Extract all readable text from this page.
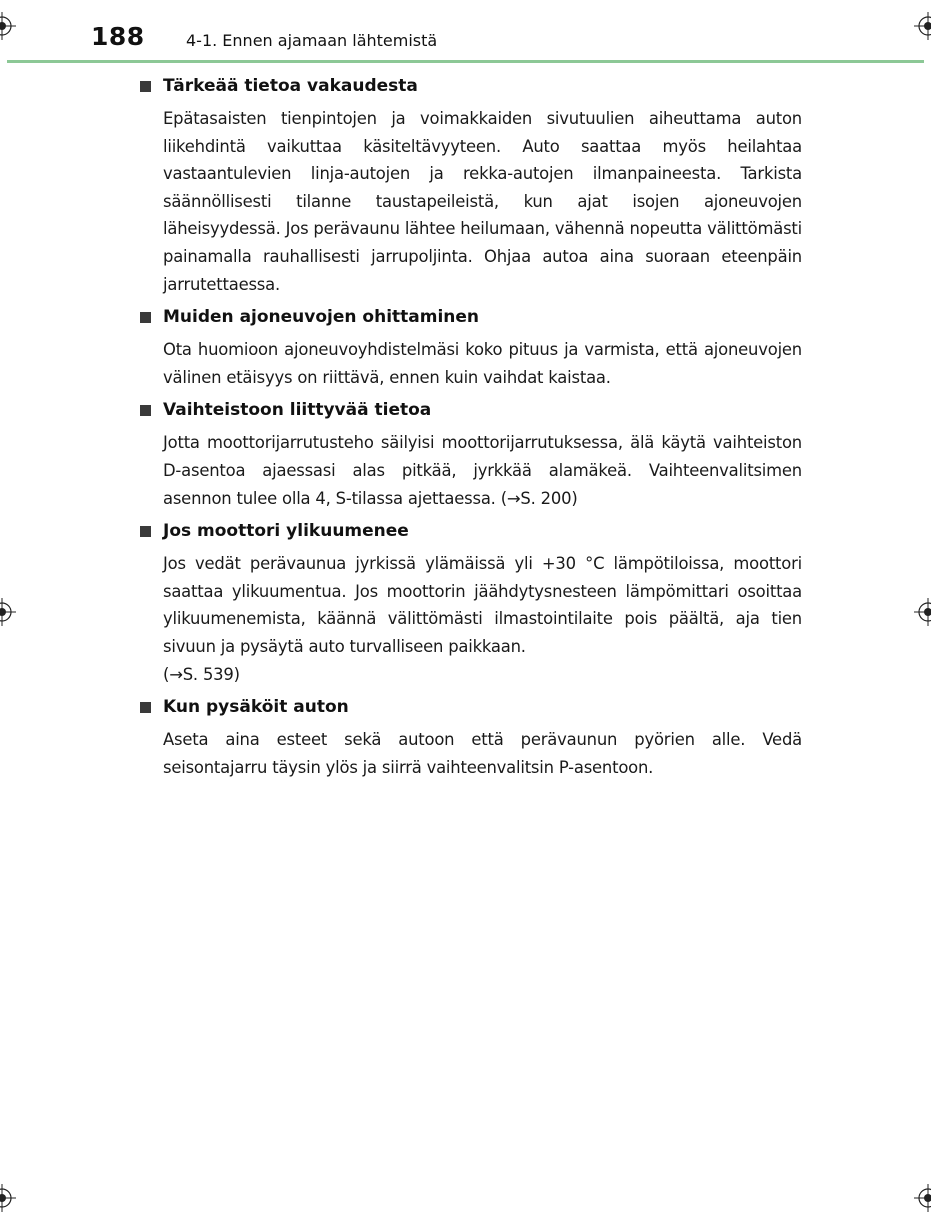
188	4-1. Ennen ajamaan lähtemistä
Tärkeää tietoa vakaudesta

Epätasaisten tienpintojen ja voimakkaiden sivutuulien aiheuttama auton liikehdintä vaikuttaa käsiteltävyyteen. Auto saattaa myös heilahtaa vastaantulevien linja-autojen ja rekka-autojen ilmanpaineesta. Tarkista säännöllisesti tilanne taustapeileistä, kun ajat isojen ajoneuvojen läheisyydessä. Jos perävaunu lähtee heilumaan, vähennä nopeutta välittömästi painamalla rauhallisesti jarrupoljinta. Ohjaa autoa aina suoraan eteenpäin jarrutettaessa.

Muiden ajoneuvojen ohittaminen

Ota huomioon ajoneuvoyhdistelmäsi koko pituus ja varmista, että ajoneuvojen välinen etäisyys on riittävä, ennen kuin vaihdat kaistaa.

Vaihteistoon liittyvää tietoa

Jotta moottorijarrutusteho säilyisi moottorijarrutuksessa, älä käytä vaihteiston D-asentoa ajaessasi alas pitkää, jyrkkää alamäkeä. Vaihteenvalitsimen asennon tulee olla 4, S-tilassa ajettaessa. (→S. 200)

Jos moottori ylikuumenee
Jos vedät perävaunua jyrkissä ylämäissä yli +30 °C lämpötiloissa, moottori saattaa ylikuumentua. Jos moottorin jäähdytysnesteen lämpömittari osoittaa ylikuumenemista, käännä välittömästi ilmastointilaite pois päältä, aja tien sivuun ja pysäytä auto turvalliseen paikkaan.
(→S. 539)
Kun pysäköit auton

Aseta aina esteet sekä autoon että perävaunun pyörien alle. Vedä seisontajarru täysin ylös ja siirrä vaihteenvalitsin P-asentoon.
